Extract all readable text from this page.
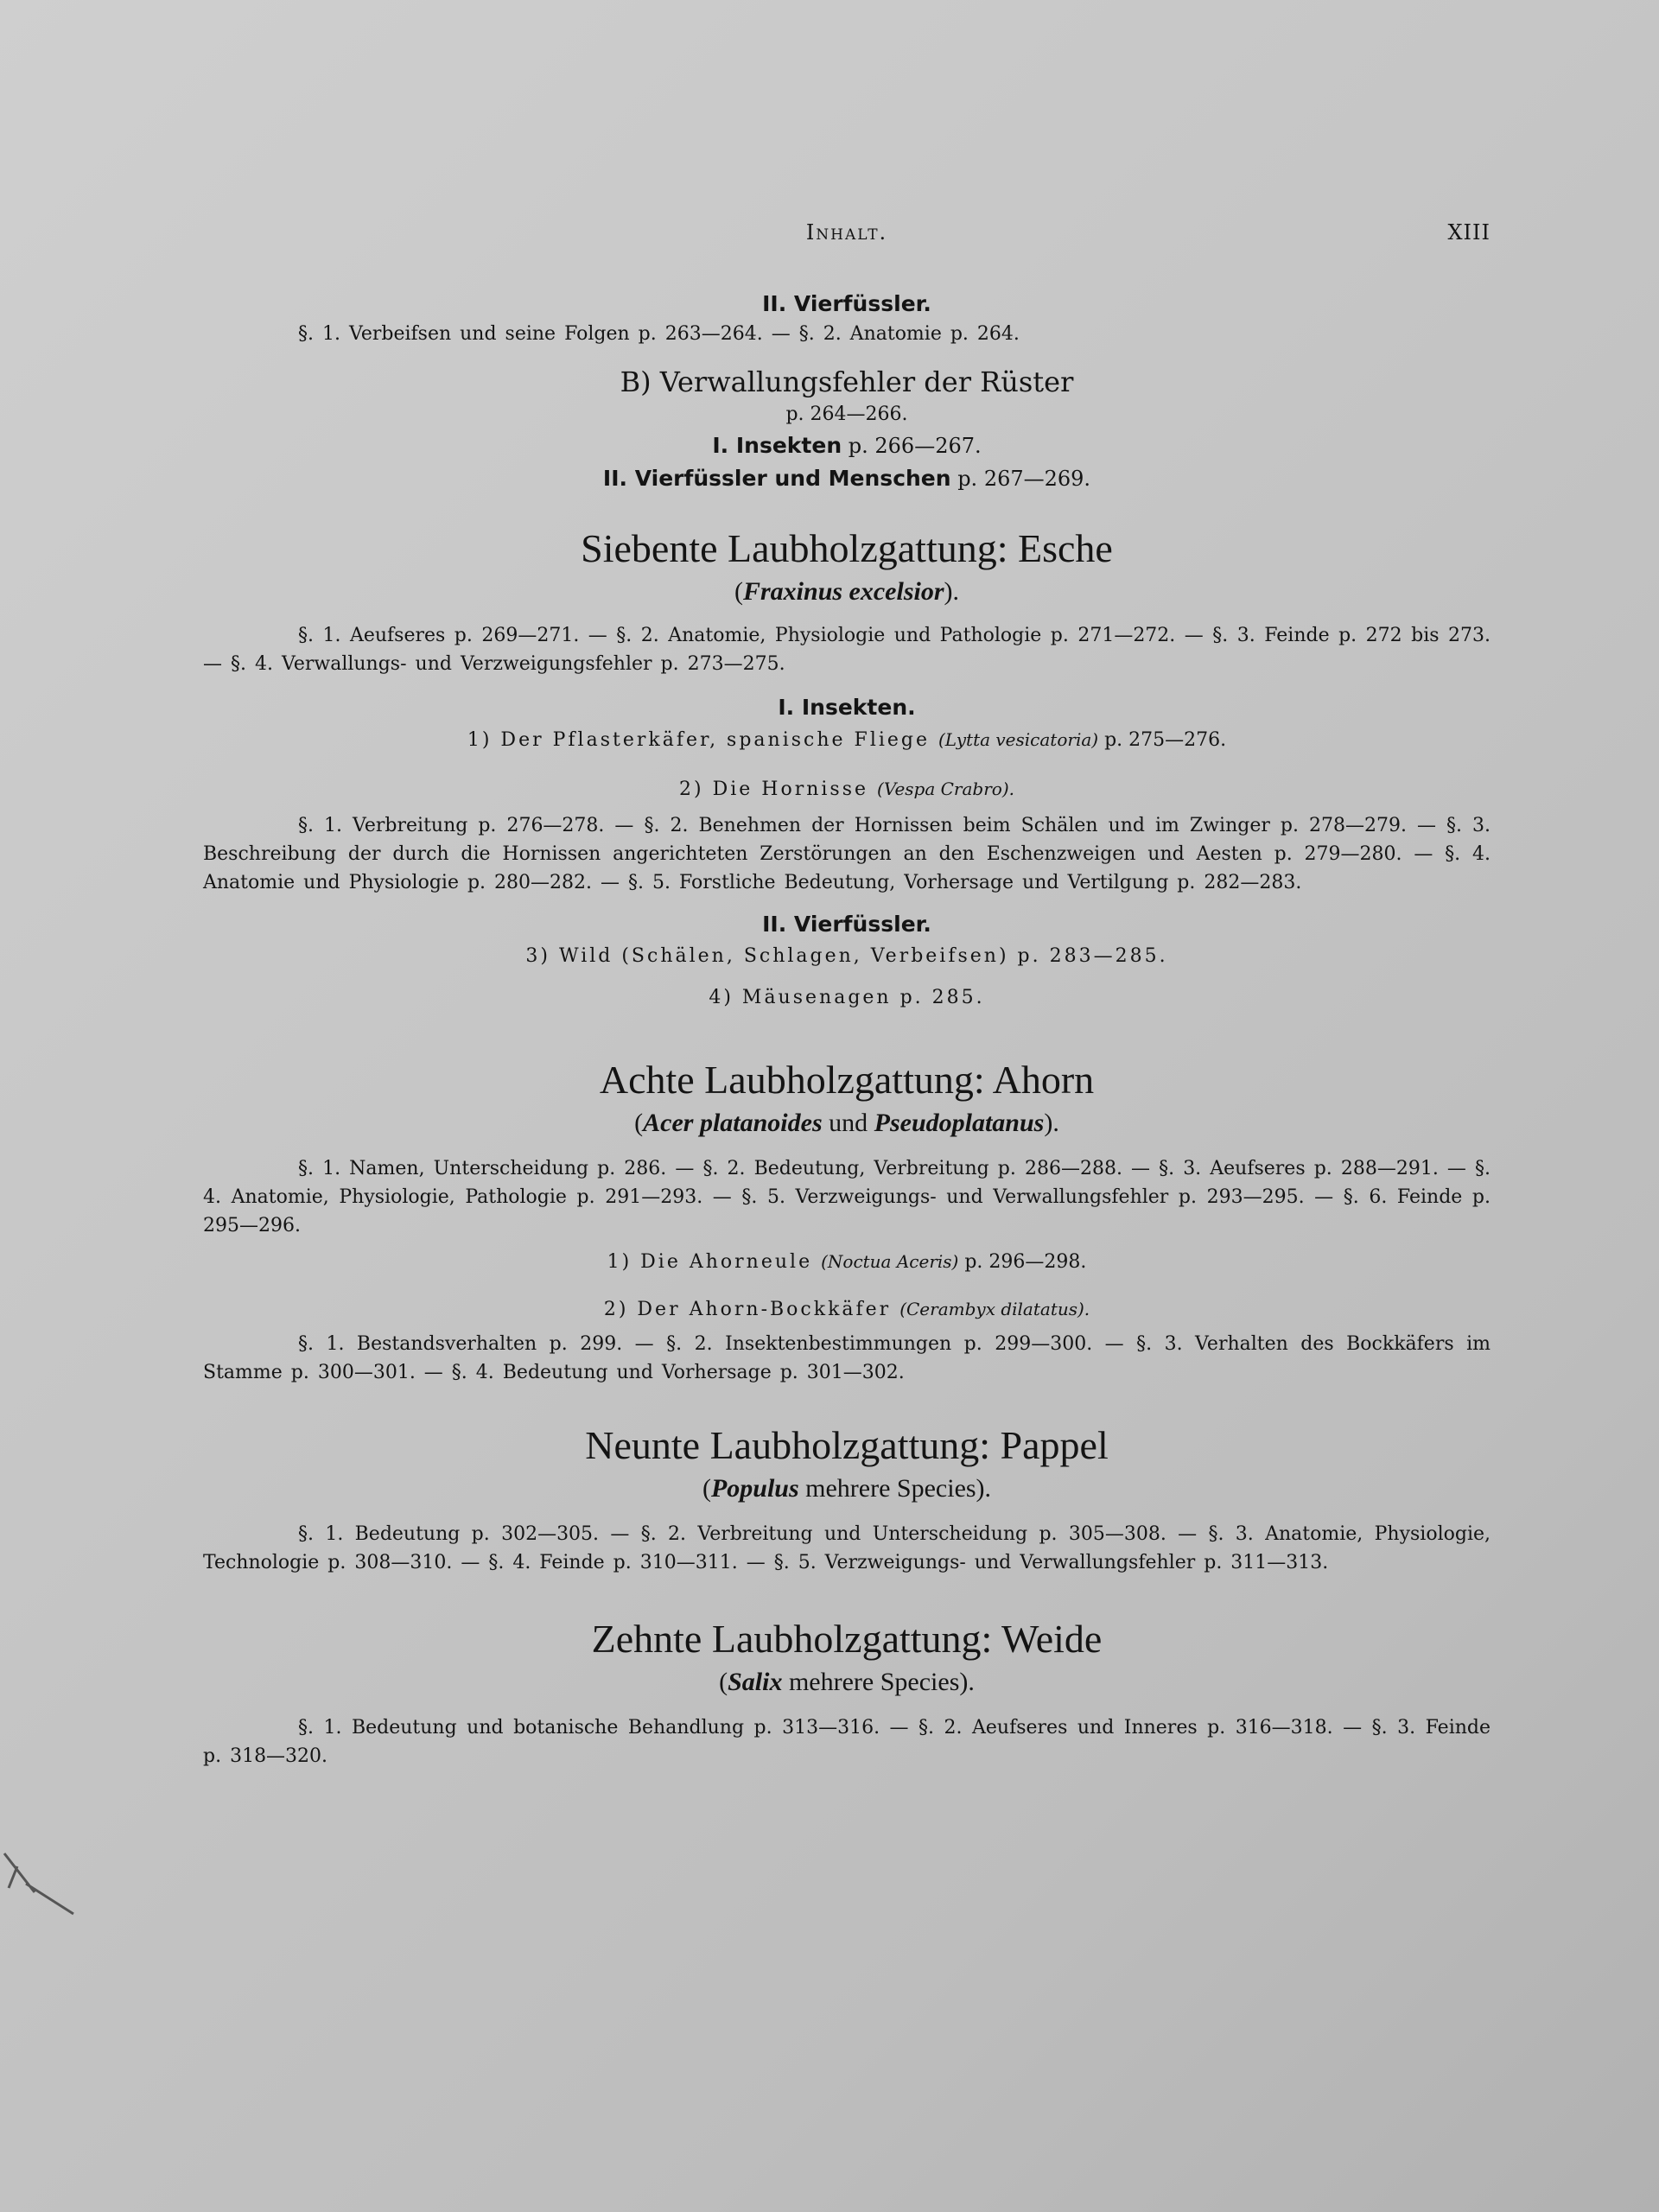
Inhalt.	XIII

II. Vierfüssler.

§. 1. Verbeifsen und seine Folgen p. 263—264. — §. 2. Anatomie p. 264.

B) Verwallungsfehler der Rüster

p. 264—266.

I. Insekten p. 266—267.

II. Vierfüssler und Menschen p. 267—269.

Siebente Laubholzgattung: Esche

(Fraxinus excelsior).

§. 1. Aeufseres p. 269—271. — §. 2. Anatomie, Physiologie und Pathologie p. 271—272. — §. 3. Feinde p. 272 bis 273. — §. 4. Verwallungs- und Verzweigungsfehler p. 273—275.

I. Insekten.

1) Der Pflasterkäfer, spanische Fliege (Lytta vesicatoria) p. 275—276.

2) Die Hornisse (Vespa Crabro).

§. 1. Verbreitung p. 276—278. — §. 2. Benehmen der Hornissen beim Schälen und im Zwinger p. 278—279. — §. 3. Beschreibung der durch die Hornissen angerichteten Zerstörungen an den Eschenzweigen und Aesten p. 279—280. — §. 4. Anatomie und Physiologie p. 280—282. — §. 5. Forstliche Bedeutung, Vorhersage und Vertilgung p. 282—283.

II. Vierfüssler.

3) Wild (Schälen, Schlagen, Verbeifsen) p. 283—285.

4) Mäusenagen p. 285.

Achte Laubholzgattung: Ahorn

(Acer platanoides und Pseudoplatanus).

§. 1. Namen, Unterscheidung p. 286. — §. 2. Bedeutung, Verbreitung p. 286—288. — §. 3. Aeufseres p. 288—291. — §. 4. Anatomie, Physiologie, Pathologie p. 291—293. — §. 5. Verzweigungs- und Verwallungsfehler p. 293—295. — §. 6. Feinde p. 295—296.

1) Die Ahorneule (Noctua Aceris) p. 296—298.

2) Der Ahorn-Bockkäfer (Cerambyx dilatatus).

§. 1. Bestandsverhalten p. 299. — §. 2. Insektenbestimmungen p. 299—300. — §. 3. Verhalten des Bockkäfers im Stamme p. 300—301. — §. 4. Bedeutung und Vorhersage p. 301—302.

Neunte Laubholzgattung: Pappel

(Populus mehrere Species).

§. 1. Bedeutung p. 302—305. — §. 2. Verbreitung und Unterscheidung p. 305—308. — §. 3. Anatomie, Physiologie, Technologie p. 308—310. — §. 4. Feinde p. 310—311. — §. 5. Verzweigungs- und Verwallungsfehler p. 311—313.

Zehnte Laubholzgattung: Weide

(Salix mehrere Species).

§. 1. Bedeutung und botanische Behandlung p. 313—316. — §. 2. Aeufseres und Inneres p. 316—318. — §. 3. Feinde p. 318—320.
